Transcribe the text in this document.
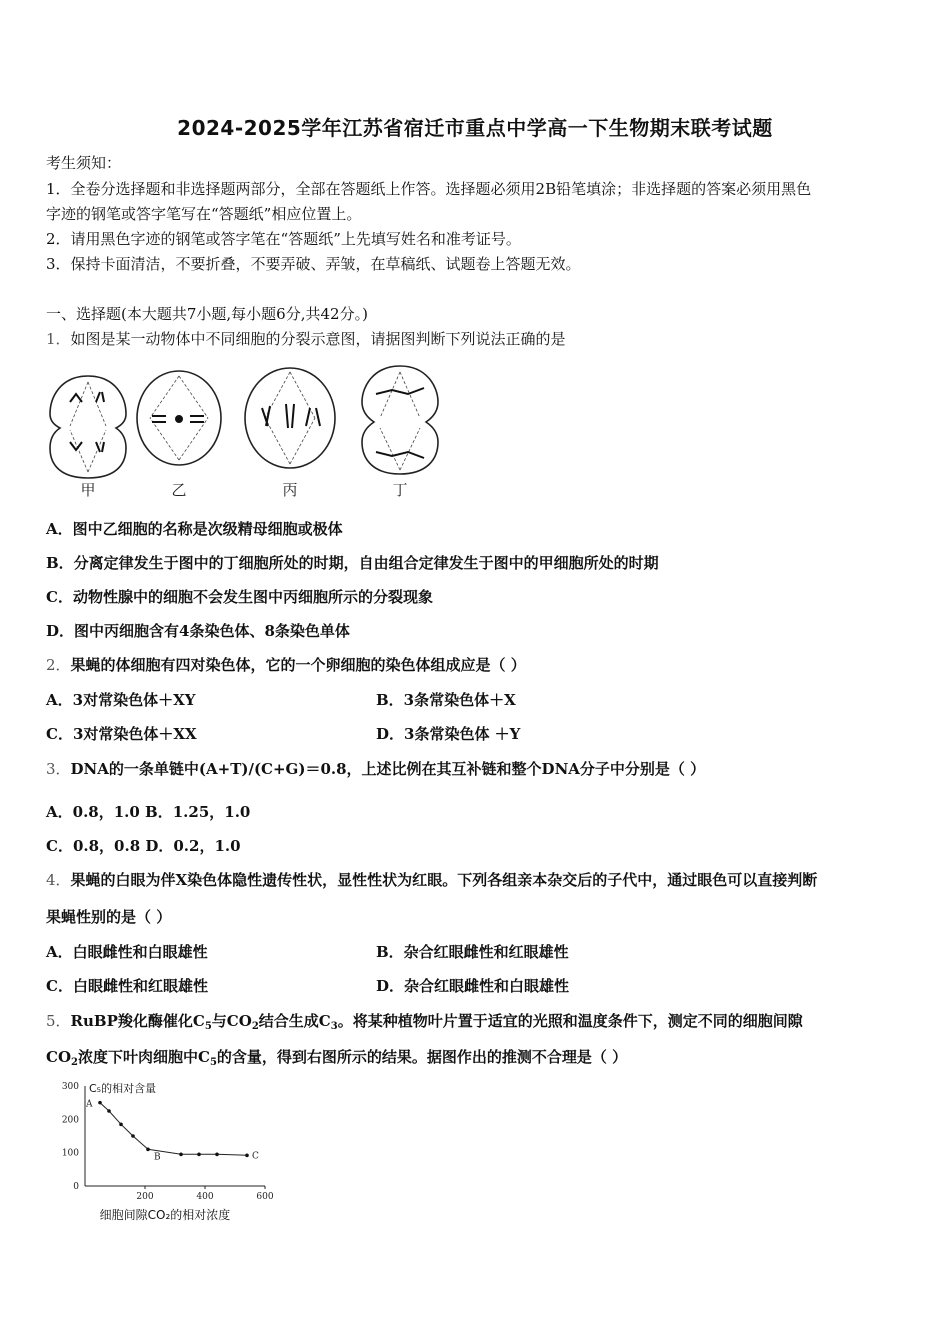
2024-2025学年江苏省宿迁市重点中学高一下生物期末联考试题
考生须知：
1．全卷分选择题和非选择题两部分，全部在答题纸上作答。选择题必须用2B铅笔填涂；非选择题的答案必须用黑色
字迹的钢笔或答字笔写在“答题纸”相应位置上。
2．请用黑色字迹的钢笔或答字笔在“答题纸”上先填写姓名和准考证号。
3．保持卡面清洁，不要折叠，不要弄破、弄皱，在草稿纸、试题卷上答题无效。
一、选择题(本大题共7小题,每小题6分,共42分。)
1．如图是某一动物体中不同细胞的分裂示意图，请据图判断下列说法正确的是
甲	乙	丙	丁
A．图中乙细胞的名称是次级精母细胞或极体
B．分离定律发生于图中的丁细胞所处的时期，自由组合定律发生于图中的甲细胞所处的时期
C．动物性腺中的细胞不会发生图中丙细胞所示的分裂现象
D．图中丙细胞含有4条染色体、8条染色单体
2．果蝇的体细胞有四对染色体，它的一个卵细胞的染色体组成应是（ ）
A．3对常染色体＋XY	B．3条常染色体＋X
C．3对常染色体＋XX	D．3条常染色体 ＋Y
3．DNA的一条单链中(A+T)/(C+G)＝0.8，上述比例在其互补链和整个DNA分子中分别是（ ）
A．0.8，1.0 B．1.25，1.0
C．0.8，0.8 D．0.2，1.0
4．果蝇的白眼为伴X染色体隐性遗传性状，显性性状为红眼。下列各组亲本杂交后的子代中，通过眼色可以直接判断
果蝇性别的是（ ）
A．白眼雌性和白眼雄性	B．杂合红眼雌性和红眼雄性
C．白眼雌性和红眼雄性	D．杂合红眼雌性和白眼雄性
5．RuBP羧化酶催化$C_5$与$CO_2$结合生成$C_3$。将某种植物叶片置于适宜的光照和温度条件下，测定不同的细胞间隙
$CO_2$浓度下叶肉细胞中$C_5$的含量，得到右图所示的结果。据图作出的推测不合理是（ ）
0
100
200
300
200	400	600
C₅的相对含量
细胞间隙CO₂的相对浓度
A
B	C
